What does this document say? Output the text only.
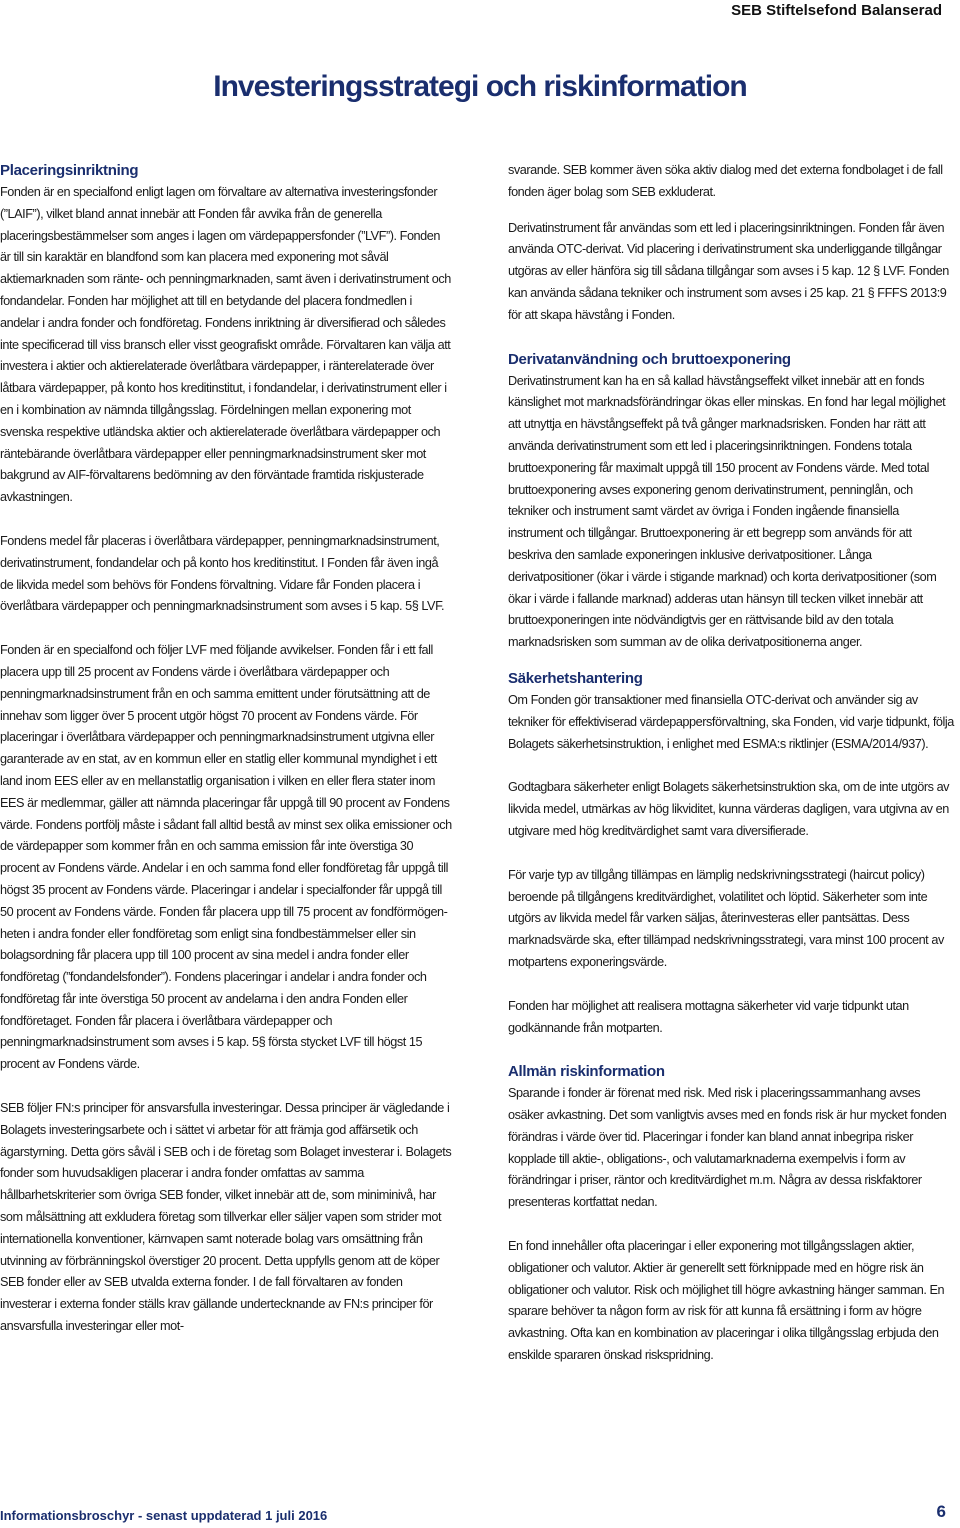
SEB Stiftelsefond Balanserad
Investeringsstrategi och riskinformation
Placeringsinriktning

Fonden är en specialfond enligt lagen om förvaltare av alternativa investeringsfonder (”LAIF”), vilket bland annat innebär att Fonden får avvika från de generella placeringsbestämmelser som anges i lagen om värdepappersfonder (”LVF”). Fonden är till sin karaktär en blandfond som kan placera med exponering mot såväl aktiemarknaden som ränte- och penningmarknaden, samt även i derivatinstrument och fondandelar. Fonden har möjlighet att till en betydande del placera fondmedlen i andelar i andra fonder och fondföretag. Fondens inriktning är diversifierad och således inte specificerad till viss bransch eller visst geografiskt område. Förvaltaren kan välja att investera i aktier och aktierelaterade överlåtbara värdepapper, i ränterelaterade över låtbara värdepapper, på konto hos kreditinstitut, i fondandelar, i derivatinstrument eller i en i kombination av nämnda tillgångsslag. Fördelningen mellan exponering mot svenska respektive utländska aktier och aktierelaterade överlåtbara värdepapper och räntebärande överlåtbara värdepapper eller penningmarknadsinstrument sker mot bakgrund av AIF-förvaltarens bedömning av den förväntade framtida riskjusterade avkastningen.

Fondens medel får placeras i överlåtbara värdepapper, penningmarknadsinstrument, derivatinstrument, fondandelar och på konto hos kreditinstitut. I Fonden får även ingå de likvida medel som behövs för Fondens förvaltning. Vidare får Fonden placera i överlåtbara värdepapper och penningmarknadsinstrument som avses i 5 kap. 5§ LVF.

Fonden är en specialfond och följer LVF med följande avvikelser. Fonden får i ett fall placera upp till 25 procent av Fondens värde i överlåtbara värdepapper och penningmarknadsinstrument från en och samma emittent under förutsättning att de innehav som ligger över 5 procent utgör högst 70 procent av Fondens värde. För placeringar i överlåtbara värdepapper och penningmarknadsinstrument utgivna eller garanterade av en stat, av en kommun eller en statlig eller kommunal myndighet i ett land inom EES eller av en mellanstatlig organisation i vilken en eller flera stater inom EES är medlemmar, gäller att nämnda placeringar får uppgå till 90 procent av Fondens värde. Fondens portfölj måste i sådant fall alltid bestå av minst sex olika emissioner och de värdepapper som kommer från en och samma emission får inte överstiga 30 procent av Fondens värde. Andelar i en och samma fond eller fondföretag får uppgå till högst 35 procent av Fondens värde. Placeringar i andelar i specialfonder får uppgå till 50 procent av Fondens värde. Fonden får placera upp till 75 procent av fondförmögen-heten i andra fonder eller fondföretag som enligt sina fondbestämmelser eller sin bolagsordning får placera upp till 100 procent av sina medel i andra fonder eller fondföretag (”fondandelsfonder”). Fondens placeringar i andelar i andra fonder och fondföretag får inte överstiga 50 procent av andelarna i den andra Fonden eller fondföretaget. Fonden får placera i överlåtbara värdepapper och penningmarknadsinstrument som avses i 5 kap. 5§ första stycket LVF till högst 15 procent av Fondens värde.

SEB följer FN:s principer för ansvarsfulla investeringar. Dessa principer är vägledande i Bolagets investeringsarbete och i sättet vi arbetar för att främja god affärsetik och ägarstyrning. Detta görs såväl i SEB och i de företag som Bolaget investerar i. Bolagets fonder som huvudsakligen placerar i andra fonder omfattas av samma hållbarhetskriterier som övriga SEB fonder, vilket innebär att de, som miniminivå, har som målsättning att exkludera företag som tillverkar eller säljer vapen som strider mot internationella konventioner, kärnvapen samt noterade bolag vars omsättning från utvinning av förbränningskol överstiger 20 procent. Detta uppfylls genom att de köper SEB fonder eller av SEB utvalda externa fonder. I de fall förvaltaren av fonden investerar i externa fonder ställs krav gällande undertecknande av FN:s principer för ansvarsfulla investeringar eller mot-

svarande. SEB kommer även söka aktiv dialog med det externa fondbolaget i de fall fonden äger bolag som SEB exkluderat.

Derivatinstrument får användas som ett led i placeringsinriktningen. Fonden får även använda OTC-derivat. Vid placering i derivatinstrument ska underliggande tillgångar utgöras av eller hänföra sig till sådana tillgångar som avses i 5 kap. 12 § LVF. Fonden kan använda sådana tekniker och instrument som avses i 25 kap. 21 § FFFS 2013:9 för att skapa hävstång i Fonden.

Derivatanvändning och bruttoexponering

Derivatinstrument kan ha en så kallad hävstångseffekt vilket innebär att en fonds känslighet mot marknadsförändringar ökas eller minskas. En fond har legal möjlighet att utnyttja en hävstångseffekt på två gånger marknadsrisken. Fonden har rätt att använda derivatinstrument som ett led i placeringsinriktningen. Fondens totala bruttoexponering får maximalt uppgå till 150 procent av Fondens värde. Med total bruttoexponering avses exponering genom derivatinstrument, penninglån, och tekniker och instrument samt värdet av övriga i Fonden ingående finansiella instrument och tillgångar. Bruttoexponering är ett begrepp som används för att beskriva den samlade exponeringen inklusive derivatpositioner. Långa derivatpositioner (ökar i värde i stigande marknad) och korta derivatpositioner (som ökar i värde i fallande marknad) adderas utan hänsyn till tecken vilket innebär att bruttoexponeringen inte nödvändigtvis ger en rättvisande bild av den totala marknadsrisken som summan av de olika derivatpositionerna anger.

Säkerhetshantering

Om Fonden gör transaktioner med finansiella OTC-derivat och använder sig av tekniker för effektiviserad värdepappersförvaltning, ska Fonden, vid varje tidpunkt, följa Bolagets säkerhetsinstruktion, i enlighet med ESMA:s riktlinjer (ESMA/2014/937).

Godtagbara säkerheter enligt Bolagets säkerhetsinstruktion ska, om de inte utgörs av likvida medel, utmärkas av hög likviditet, kunna värderas dagligen, vara utgivna av en utgivare med hög kreditvärdighet samt vara diversifierade.

För varje typ av tillgång tillämpas en lämplig nedskrivningsstrategi (haircut policy) beroende på tillgångens kreditvärdighet, volatilitet och löptid. Säkerheter som inte utgörs av likvida medel får varken säljas, återinvesteras eller pantsättas. Dess marknadsvärde ska, efter tillämpad nedskrivningsstrategi, vara minst 100 procent av motpartens exponeringsvärde.

Fonden har möjlighet att realisera mottagna säkerheter vid varje tidpunkt utan godkännande från motparten.

Allmän riskinformation

Sparande i fonder är förenat med risk. Med risk i placeringssammanhang avses osäker avkastning. Det som vanligtvis avses med en fonds risk är hur mycket fonden förändras i värde över tid. Placeringar i fonder kan bland annat inbegripa risker kopplade till aktie-, obligations-, och valutamarknaderna exempelvis i form av förändringar i priser, räntor och kreditvärdighet m.m. Några av dessa riskfaktorer presenteras kortfattat nedan.

En fond innehåller ofta placeringar i eller exponering mot tillgångsslagen aktier, obligationer och valutor. Aktier är generellt sett förknippade med en högre risk än obligationer och valutor. Risk och möjlighet till högre avkastning hänger samman. En sparare behöver ta någon form av risk för att kunna få ersättning i form av högre avkastning. Ofta kan en kombination av placeringar i olika tillgångsslag erbjuda den enskilde spararen önskad riskspridning.

Informationsbroschyr - senast uppdaterad 1 juli 2016	6
